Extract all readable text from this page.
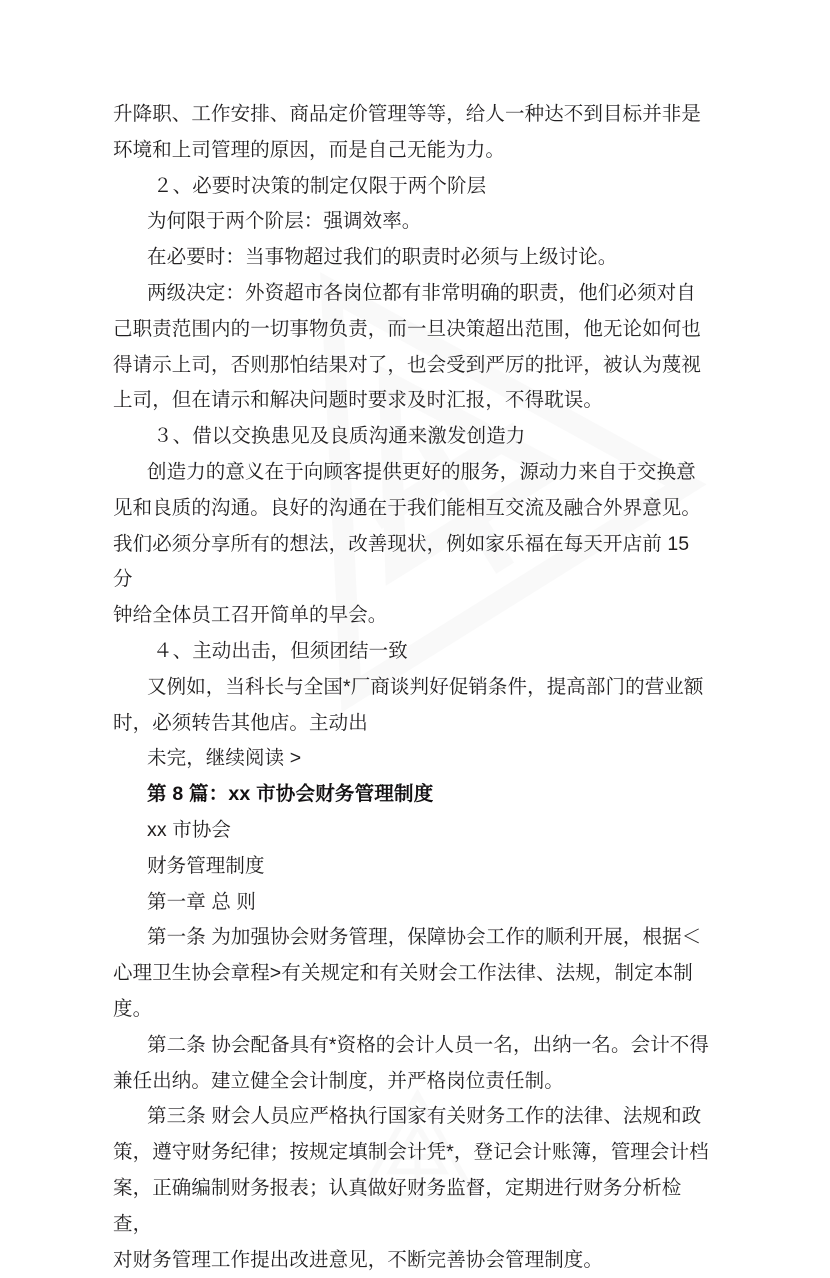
升降职、工作安排、商品定价管理等等，给人一种达不到目标并非是
环境和上司管理的原因，而是自己无能为力。
２、必要时决策的制定仅限于两个阶层
为何限于两个阶层：强调效率。
在必要时：当事物超过我们的职责时必须与上级讨论。
两级决定：外资超市各岗位都有非常明确的职责，他们必须对自
己职责范围内的一切事物负责，而一旦决策超出范围，他无论如何也
得请示上司，否则那怕结果对了，也会受到严厉的批评，被认为蔑视
上司，但在请示和解决问题时要求及时汇报，不得耽误。
３、借以交换患见及良质沟通来激发创造力
创造力的意义在于向顾客提供更好的服务，源动力来自于交换意
见和良质的沟通。良好的沟通在于我们能相互交流及融合外界意见。
我们必须分享所有的想法，改善现状，例如家乐福在每天开店前 15 分
钟给全体员工召开简单的早会。
４、主动出击，但须团结一致
又例如，当科长与全国*厂商谈判好促销条件，提高部门的营业额
时，必须转告其他店。主动出
未完，继续阅读 >
第 8 篇：xx 市协会财务管理制度
xx 市协会
财务管理制度
第一章 总 则
第一条 为加强协会财务管理，保障协会工作的顺利开展，根据＜
心理卫生协会章程>有关规定和有关财会工作法律、法规，制定本制度。
第二条 协会配备具有*资格的会计人员一名，出纳一名。会计不得
兼任出纳。建立健全会计制度，并严格岗位责任制。
第三条 财会人员应严格执行国家有关财务工作的法律、法规和政
策，遵守财务纪律；按规定填制会计凭*，登记会计账簿，管理会计档
案，正确编制财务报表；认真做好财务监督，定期进行财务分析检查，
对财务管理工作提出改进意见，不断完善协会管理制度。
